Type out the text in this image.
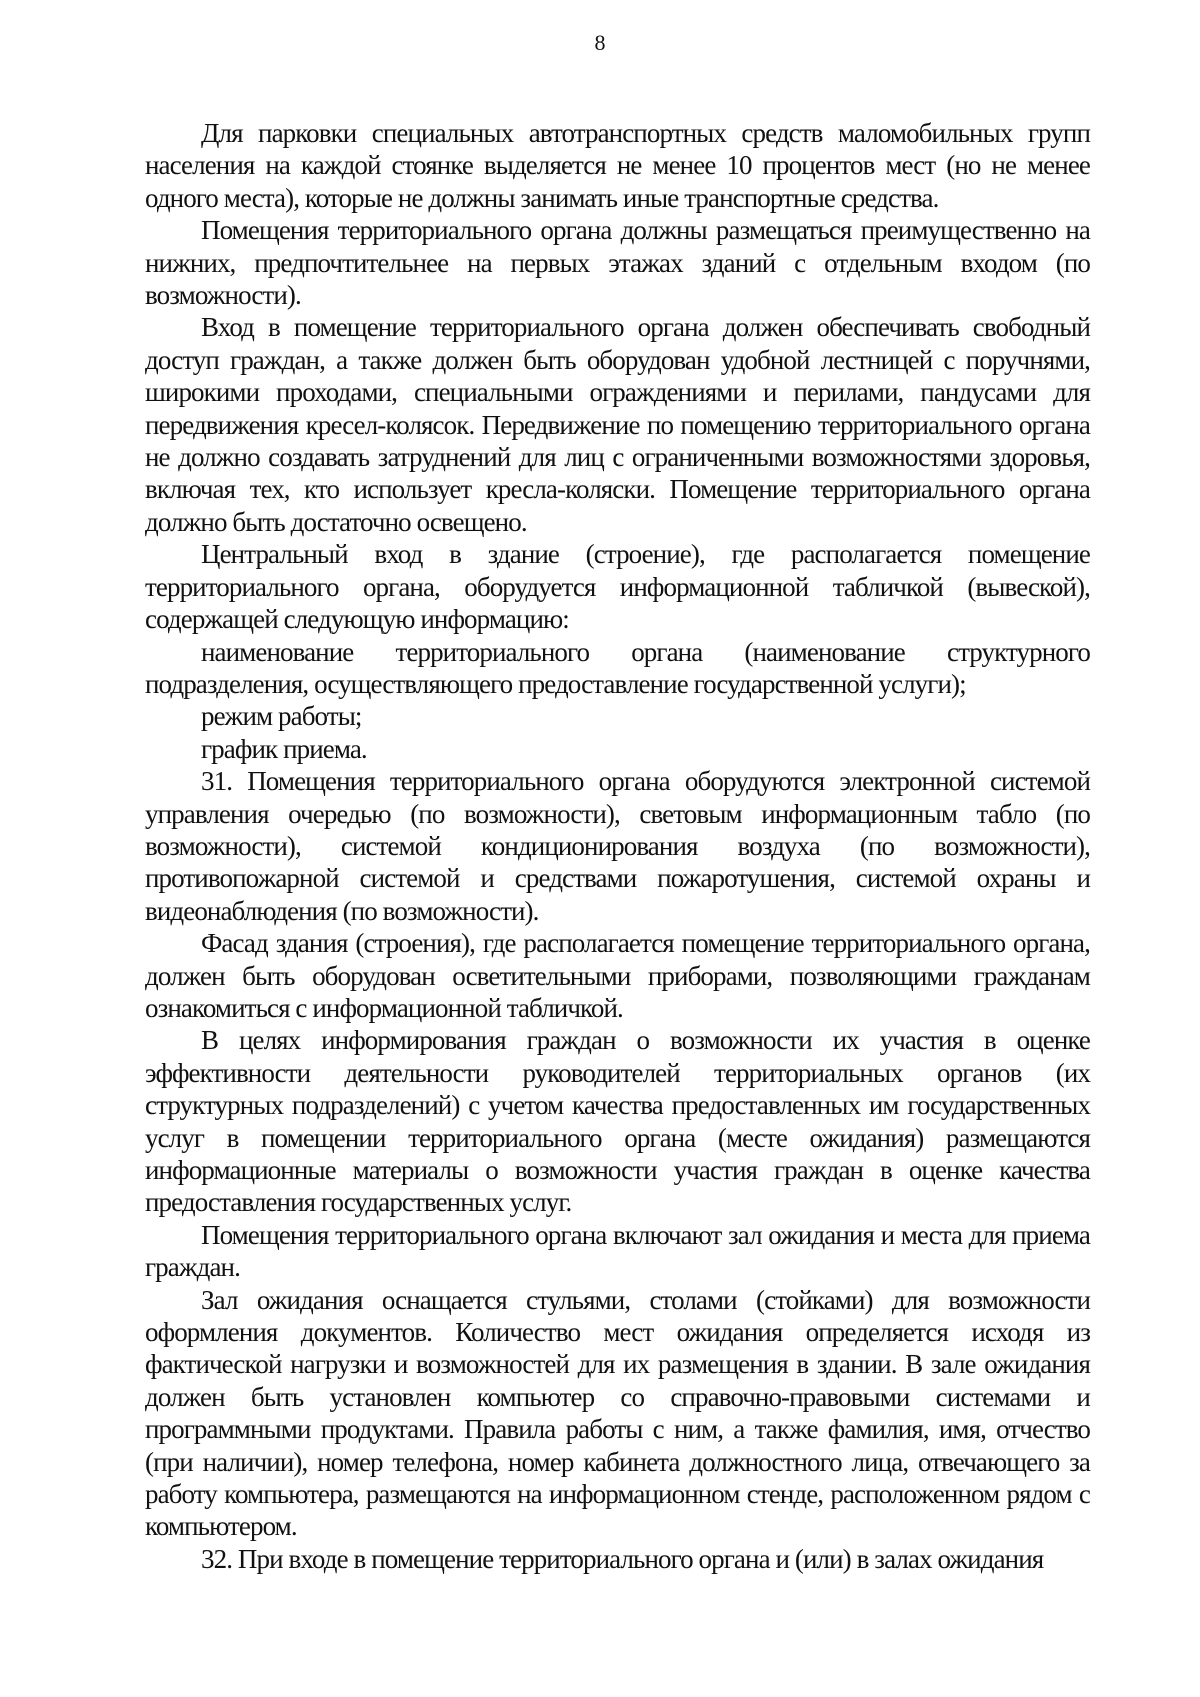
8

Для парковки специальных автотранспортных средств маломобильных групп населения на каждой стоянке выделяется не менее 10 процентов мест (но не менее одного места), которые не должны занимать иные транспортные средства.

Помещения территориального органа должны размещаться преимущественно на нижних, предпочтительнее на первых этажах зданий с отдельным входом (по возможности).

Вход в помещение территориального органа должен обеспечивать свободный доступ граждан, а также должен быть оборудован удобной лестницей с поручнями, широкими проходами, специальными ограждениями и перилами, пандусами для передвижения кресел-колясок. Передвижение по помещению территориального органа не должно создавать затруднений для лиц с ограниченными возможностями здоровья, включая тех, кто использует кресла-коляски. Помещение территориального органа должно быть достаточно освещено.

Центральный вход в здание (строение), где располагается помещение территориального органа, оборудуется информационной табличкой (вывеской), содержащей следующую информацию:

наименование территориального органа (наименование структурного подразделения, осуществляющего предоставление государственной услуги);

режим работы;

график приема.

31. Помещения территориального органа оборудуются электронной системой управления очередью (по возможности), световым информационным табло (по возможности), системой кондиционирования воздуха (по возможности), противопожарной системой и средствами пожаротушения, системой охраны и видеонаблюдения (по возможности).

Фасад здания (строения), где располагается помещение территориального органа, должен быть оборудован осветительными приборами, позволяющими гражданам ознакомиться с информационной табличкой.

В целях информирования граждан о возможности их участия в оценке эффективности деятельности руководителей территориальных органов (их структурных подразделений) с учетом качества предоставленных им государственных услуг в помещении территориального органа (месте ожидания) размещаются информационные материалы о возможности участия граждан в оценке качества предоставления государственных услуг.

Помещения территориального органа включают зал ожидания и места для приема граждан.

Зал ожидания оснащается стульями, столами (стойками) для возможности оформления документов. Количество мест ожидания определяется исходя из фактической нагрузки и возможностей для их размещения в здании. В зале ожидания должен быть установлен компьютер со справочно-правовыми системами и программными продуктами. Правила работы с ним, а также фамилия, имя, отчество (при наличии), номер телефона, номер кабинета должностного лица, отвечающего за работу компьютера, размещаются на информационном стенде, расположенном рядом с компьютером.

32. При входе в помещение территориального органа и (или) в залах ожидания
